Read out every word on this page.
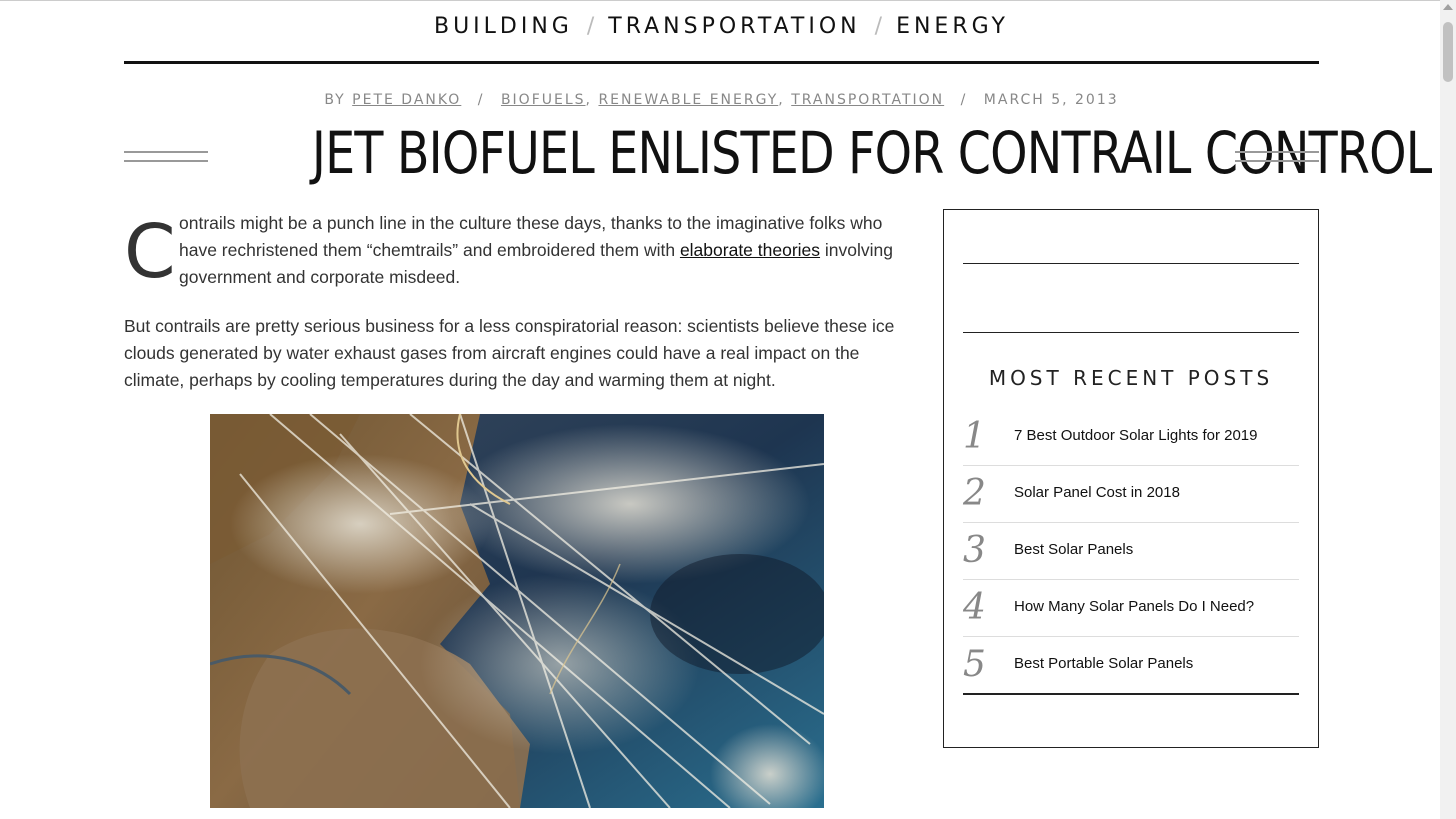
BUILDING / TRANSPORTATION / ENERGY
BY PETE DANKO / BIOFUELS, RENEWABLE ENERGY, TRANSPORTATION / MARCH 5, 2013
JET BIOFUEL ENLISTED FOR CONTRAIL CONTROL
C ontrails might be a punch line in the culture these days, thanks to the imaginative folks who have rechristened them “chemtrails” and embroidered them with elaborate theories involving government and corporate misdeed.

But contrails are pretty serious business for a less conspiratorial reason: scientists believe these ice clouds generated by water exhaust gases from aircraft engines could have a real impact on the climate, perhaps by cooling temperatures during the day and warming them at night.	MOST RECENT POSTS
1 7 Best Outdoor Solar Lights for 2019
2 Solar Panel Cost in 2018
3 Best Solar Panels
4 How Many Solar Panels Do I Need?
5 Best Portable Solar Panels
